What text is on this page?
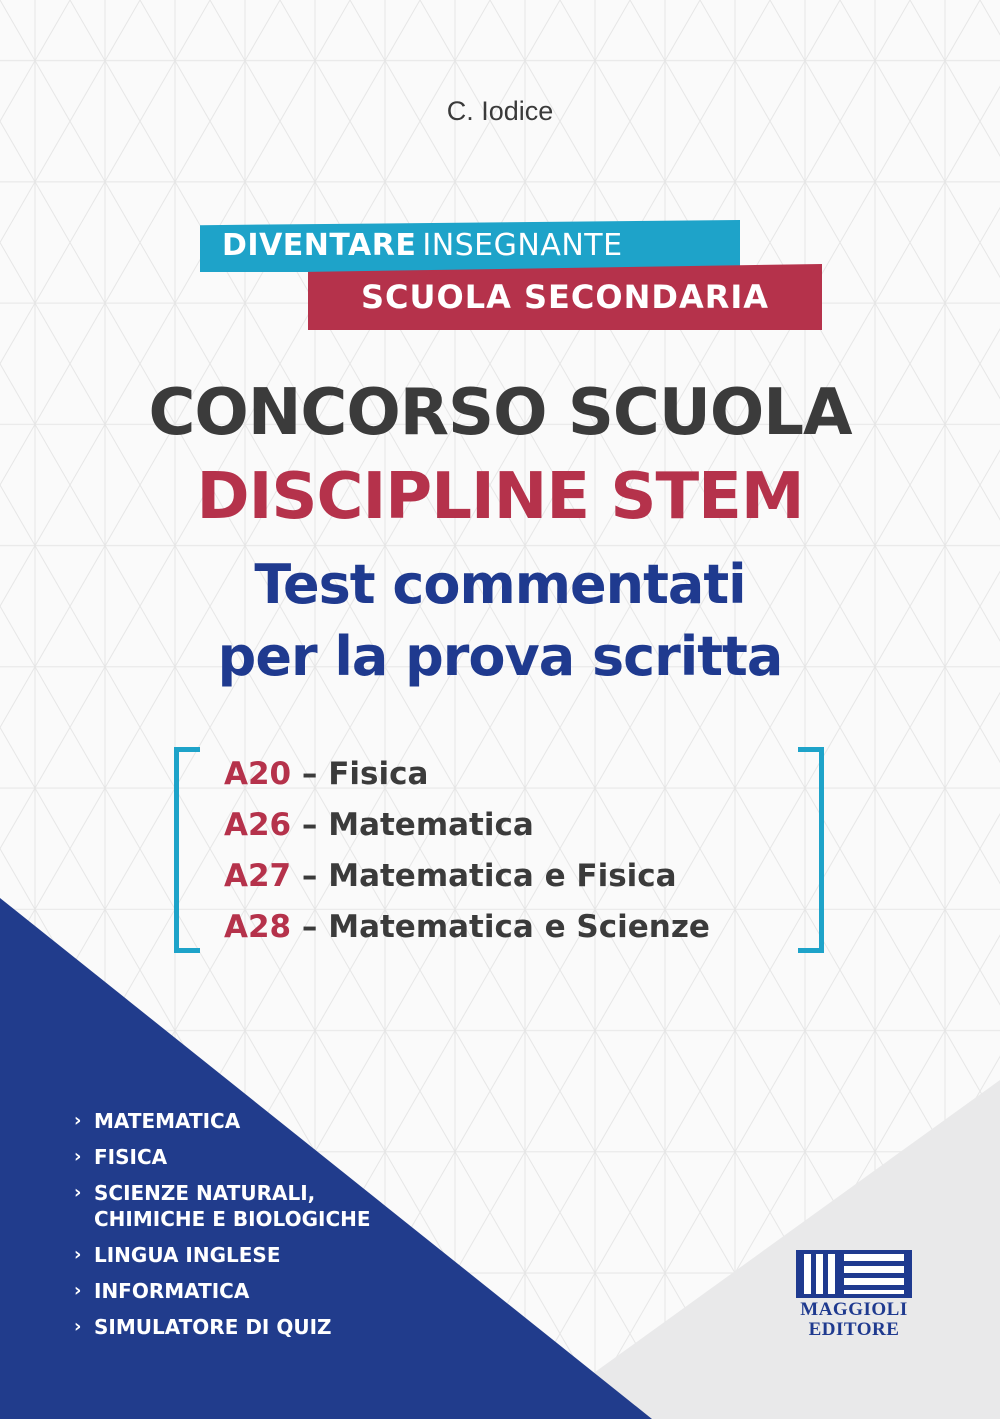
C. Iodice
DIVENTARE INSEGNANTE
SCUOLA SECONDARIA
CONCORSO SCUOLA
DISCIPLINE STEM
Test commentati
per la prova scritta
A20 – Fisica
A26 – Matematica
A27 – Matematica e Fisica
A28 – Matematica e Scienze
› MATEMATICA
› FISICA
› SCIENZE NATURALI,
CHIMICHE E BIOLOGICHE
› LINGUA INGLESE
› INFORMATICA
› SIMULATORE DI QUIZ
MAGGIOLI
EDITORE
